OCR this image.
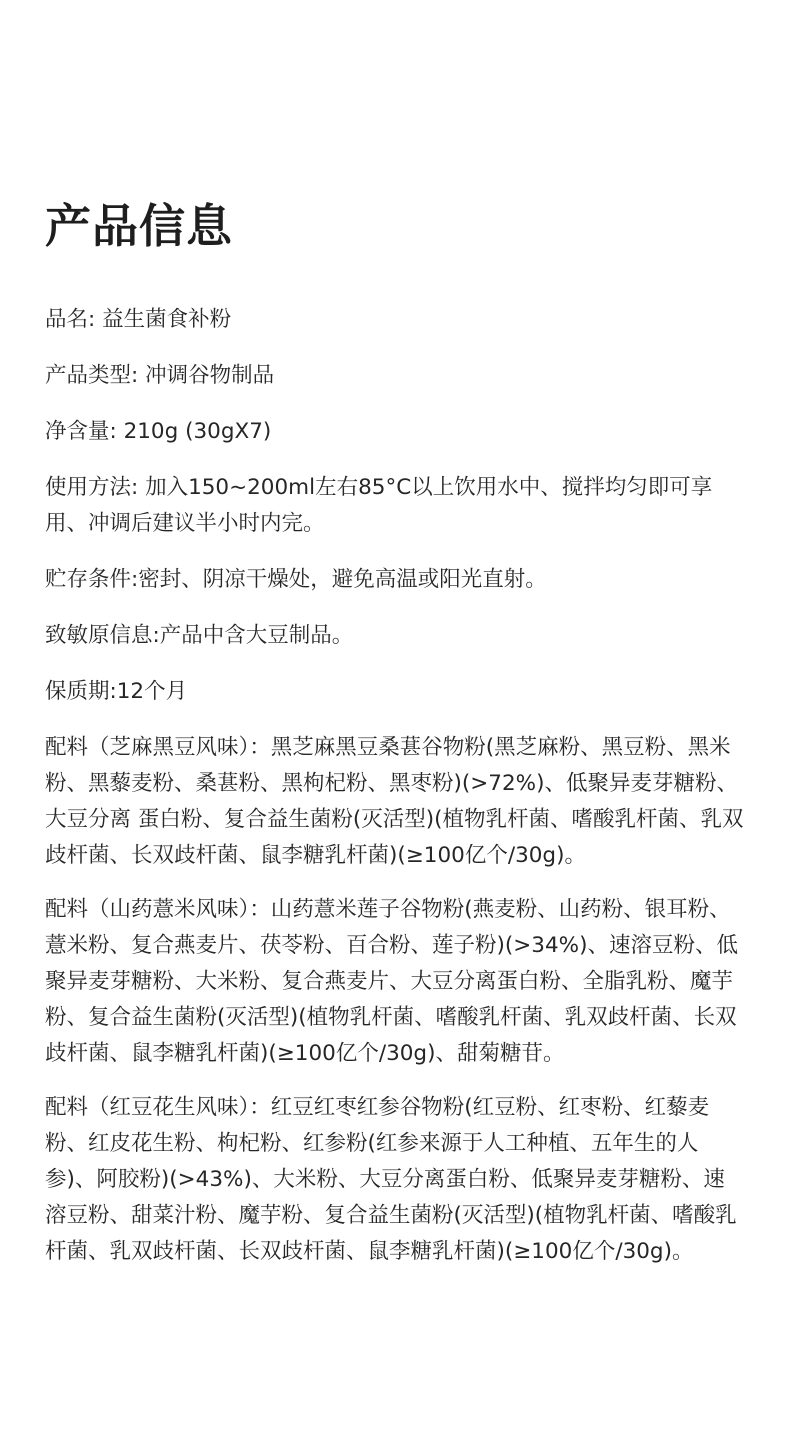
产品信息

品名: 益生菌食补粉

产品类型: 冲调谷物制品

净含量: 210g (30gX7)

使用方法: 加入150~200ml左右85°C以上饮用水中、搅拌均匀即可享用、冲调后建议半小时内完。

贮存条件:密封、阴凉干燥处，避免高温或阳光直射。

致敏原信息:产品中含大豆制品。

保质期:12个月

配料（芝麻黑豆风味）：黑芝麻黑豆桑葚谷物粉(黑芝麻粉、黑豆粉、黑米粉、黑藜麦粉、桑葚粉、黑枸杞粉、黑枣粉)(>72%)、低聚异麦芽糖粉、大豆分离 蛋白粉、复合益生菌粉(灭活型)(植物乳杆菌、嗜酸乳杆菌、乳双歧杆菌、长双歧杆菌、鼠李糖乳杆菌)(≥100亿个/30g)。

配料（山药薏米风味）：山药薏米莲子谷物粉(燕麦粉、山药粉、银耳粉、薏米粉、复合燕麦片、茯苓粉、百合粉、莲子粉)(>34%)、速溶豆粉、低聚异麦芽糖粉、大米粉、复合燕麦片、大豆分离蛋白粉、全脂乳粉、魔芋粉、复合益生菌粉(灭活型)(植物乳杆菌、嗜酸乳杆菌、乳双歧杆菌、长双歧杆菌、鼠李糖乳杆菌)(≥100亿个/30g)、甜菊糖苷。

配料（红豆花生风味）：红豆红枣红参谷物粉(红豆粉、红枣粉、红藜麦粉、红皮花生粉、枸杞粉、红参粉(红参来源于人工种植、五年生的人参)、阿胶粉)(>43%)、大米粉、大豆分离蛋白粉、低聚异麦芽糖粉、速溶豆粉、甜菜汁粉、魔芋粉、复合益生菌粉(灭活型)(植物乳杆菌、嗜酸乳杆菌、乳双歧杆菌、长双歧杆菌、鼠李糖乳杆菌)(≥100亿个/30g)。
